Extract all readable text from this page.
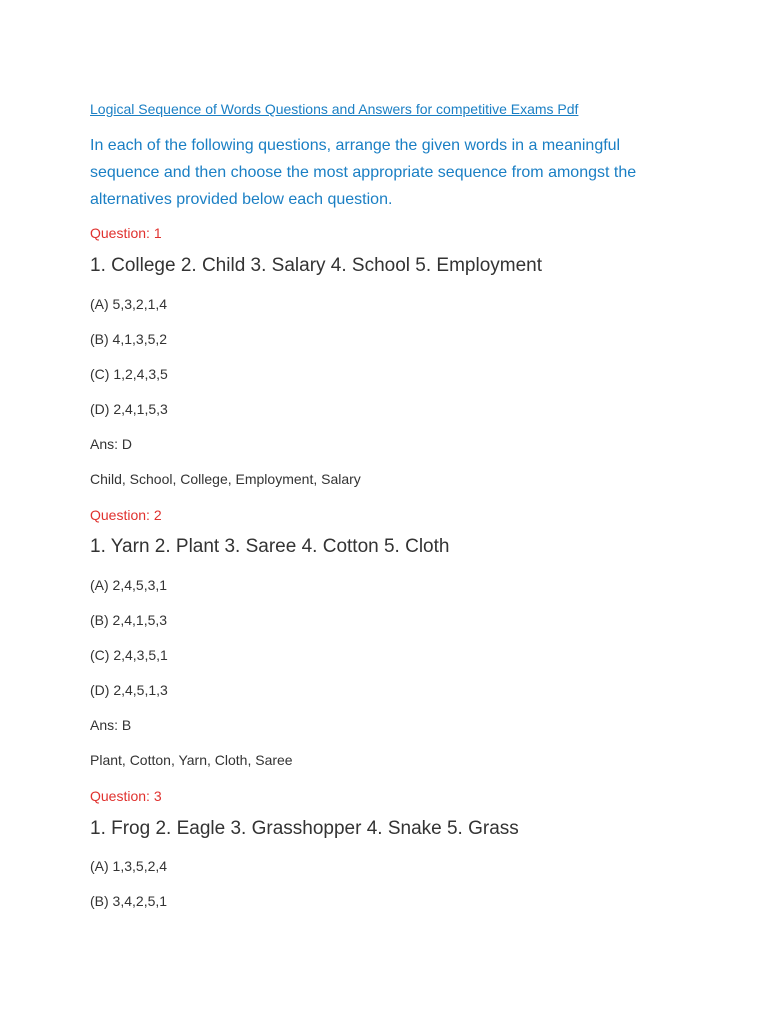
Logical Sequence of Words Questions and Answers for competitive Exams Pdf
In each of the following questions, arrange the given words in a meaningful sequence and then choose the most appropriate sequence from amongst the alternatives provided below each question.
Question: 1
1. College 2. Child 3. Salary 4. School 5. Employment
(A) 5,3,2,1,4
(B) 4,1,3,5,2
(C) 1,2,4,3,5
(D) 2,4,1,5,3
Ans: D
Child, School, College, Employment, Salary
Question: 2
1. Yarn 2. Plant 3. Saree 4. Cotton 5. Cloth
(A) 2,4,5,3,1
(B) 2,4,1,5,3
(C) 2,4,3,5,1
(D) 2,4,5,1,3
Ans: B
Plant, Cotton, Yarn, Cloth, Saree
Question: 3
1. Frog 2. Eagle 3. Grasshopper 4. Snake 5. Grass
(A) 1,3,5,2,4
(B) 3,4,2,5,1
